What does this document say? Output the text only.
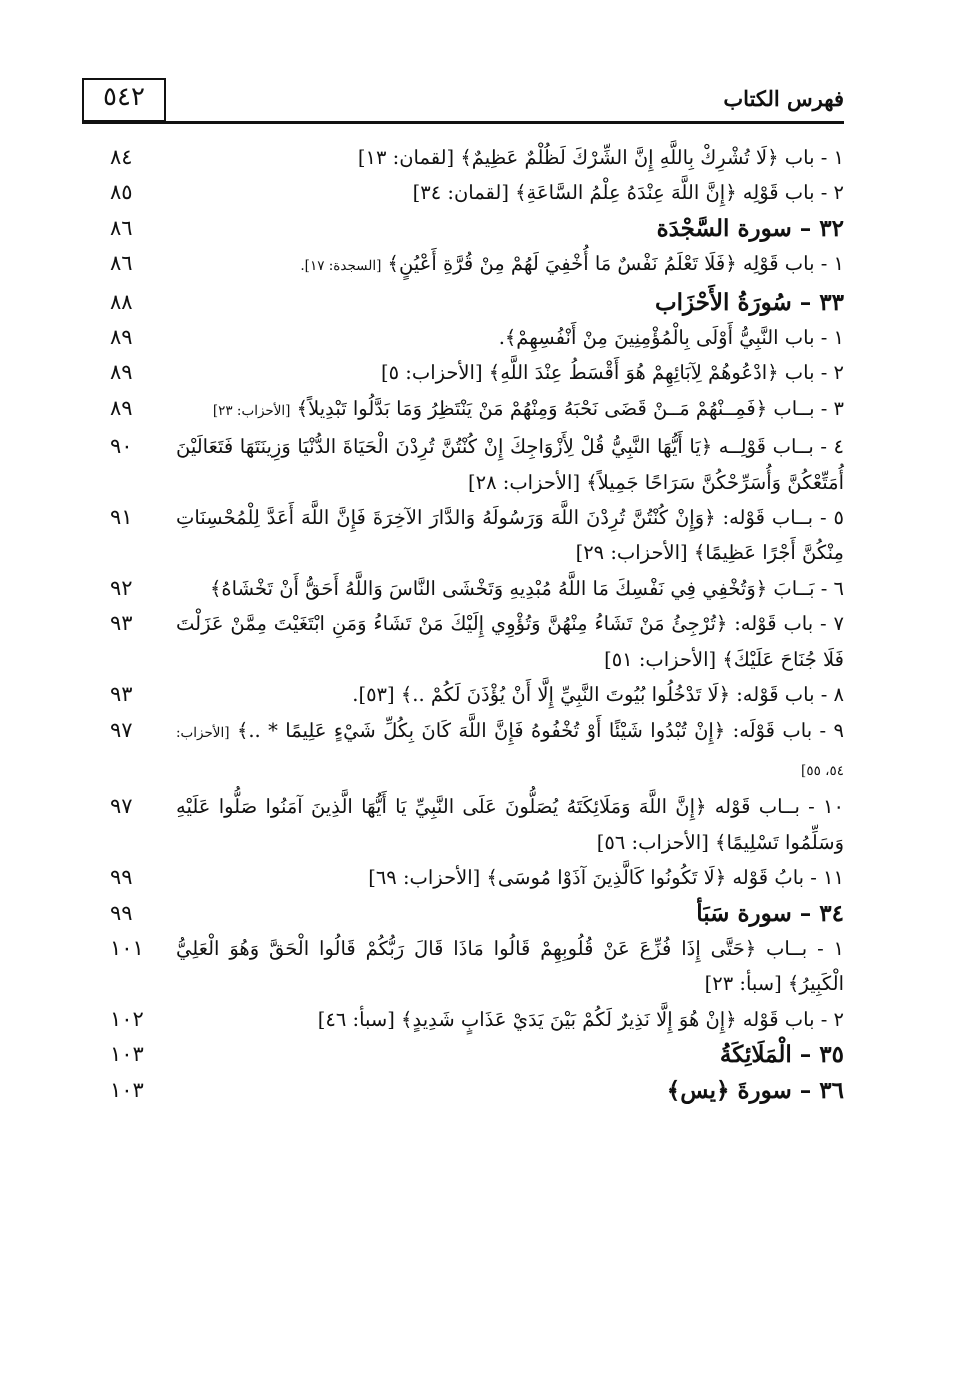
٥٤٢	فهرس الكتاب
١ - باب ﴿لَا تُشْرِكْ بِاللَّهِ إِنَّ الشِّرْكَ لَظُلْمٌ عَظِيمٌ﴾ [لقمان: ١٣]
٨٤
٢ - باب قَوْلِه ﴿إِنَّ اللَّهَ عِنْدَهُ عِلْمُ السَّاعَةِ﴾ [لقمان: ٣٤]
٨٥
٣٢ – سورة السَّجْدَة
٨٦
١ - باب قَوْلِه ﴿فَلَا تَعْلَمُ نَفْسٌ مَا أُخْفِيَ لَهُمْ مِنْ قُرَّةِ أَعْيُنٍ﴾ [السجدة: ١٧].
٨٦
٣٣ – سُورَةُ الأَحْزَاب
٨٨
١ - باب النَّبِيُّ أَوْلَى بِالْمُؤْمِنِينَ مِنْ أَنْفُسِهِمْ﴾.
٨٩
٢ - باب ﴿ادْعُوهُمْ لِآبَائِهِمْ هُوَ أَقْسَطُ عِنْدَ اللَّهِ﴾ [الأحزاب: ٥]
٨٩
٣ - بــاب ﴿فَمِــنْهُمْ مَــنْ قَضَى نَحْبَهُ وَمِنْهُمْ مَنْ يَنْتَظِرُ وَمَا بَدَّلُوا تَبْدِيلاً﴾ [الأحزاب: ٢٣]
٨٩
٤ - بــاب قَوْلِــه ﴿يَا أَيُّهَا النَّبِيُّ قُلْ لِأَزْوَاجِكَ إِنْ كُنْتُنَّ تُرِدْنَ الْحَيَاةَ الدُّنْيَا وَزِينَتَهَا فَتَعَالَيْنَ أُمَتِّعْكُنَّ وَأُسَرِّحْكُنَّ سَرَاحًا جَمِيلاً﴾ [الأحزاب: ٢٨]
٩٠
٥ - بــاب قَوْله: ﴿وَإِنْ كُنْتُنَّ تُرِدْنَ اللَّهَ وَرَسُولَهُ وَالدَّارَ الآخِرَةَ فَإِنَّ اللَّهَ أَعَدَّ لِلْمُحْسِنَاتِ مِنْكُنَّ أَجْرًا عَظِيمًا﴾ [الأحزاب: ٢٩]
٩١
٦ - بَــابَ ﴿وَتُخْفِي فِي نَفْسِكَ مَا اللَّهُ مُبْدِيهِ وَتَخْشَى النَّاسَ وَاللَّهُ أَحَقُّ أَنْ تَخْشَاهُ﴾
٩٢
٧ - باب قَوْله: ﴿تُرْجِئُ مَنْ تَشَاءُ مِنْهُنَّ وَتُؤْوِي إِلَيْكَ مَنْ تَشَاءُ وَمَنِ ابْتَغَيْتَ مِمَّنْ عَزَلْتَ فَلَا جُنَاحَ عَلَيْكَ﴾ [الأحزاب: ٥١]
٩٣
٨ - باب قَوْله: ﴿لَا تَدْخُلُوا بُيُوتَ النَّبِيِّ إِلَّا أَنْ يُؤْذَنَ لَكُمْ ..﴾ [٥٣].
٩٣
٩ - باب قَوْلَه: ﴿إِنْ تُبْدُوا شَيْئًا أَوْ تُخْفُوهُ فَإِنَّ اللَّهَ كَانَ بِكُلِّ شَيْءٍ عَلِيمًا * ..﴾ [الأحزاب: ٥٤، ٥٥]
٩٧
١٠ - بــاب قَوْله ﴿إِنَّ اللَّهَ وَمَلَائِكَتَهُ يُصَلُّونَ عَلَى النَّبِيِّ يَا أَيُّهَا الَّذِينَ آمَنُوا صَلُّوا عَلَيْهِ وَسَلِّمُوا تَسْلِيمًا﴾ [الأحزاب: ٥٦]
٩٧
١١ - بابُ قَوْله ﴿لَا تَكُونُوا كَالَّذِينَ آذَوْا مُوسَى﴾ [الأحزاب: ٦٩]
٩٩
٣٤ – سورة سَبَأ
٩٩
١ - بــاب ﴿حَتَّى إِذَا فُزِّعَ عَنْ قُلُوبِهِمْ قَالُوا مَاذَا قَالَ رَبُّكُمْ قَالُوا الْحَقَّ وَهُوَ الْعَلِيُّ الْكَبِيرُ﴾ [سبأ: ٢٣]
١٠١
٢ - باب قَوْله ﴿إِنْ هُوَ إِلَّا نَذِيرٌ لَكُمْ بَيْنَ يَدَيْ عَذَابٍ شَدِيدٍ﴾ [سبأ: ٤٦]
١٠٢
٣٥ – الْمَلَائِكَةُ
١٠٣
٣٦ – سورةَ ﴿يس﴾
١٠٣
